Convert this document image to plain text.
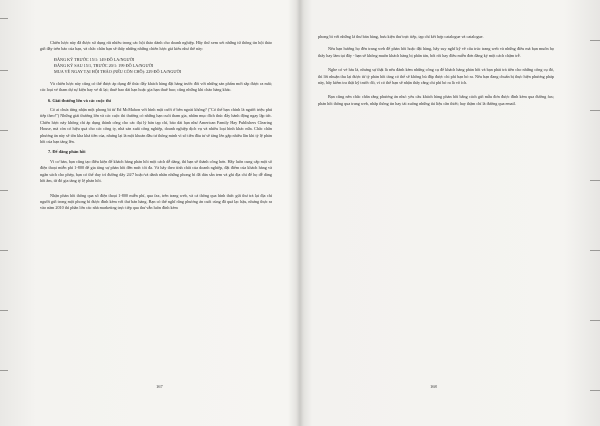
Chiến lược này đã được sử dụng rất nhiều trong các hội thảo dành cho doanh nghiệp. Hãy thử xem xét những từ thông tin hội thảo gửi đây trên báo của bạn, và chắc chắn bạn sẽ thấy những những chiến lược giá kiểu như thế này:

ĐĂNG KÝ TRƯỚC 15/1: 149 ĐÔ LA/NGƯỜI

ĐĂNG KÝ SAU 15/1, TRƯỚC 20/1: 199 ĐÔ LA/NGƯỜI

MUA VÉ NGAY TẠI HỘI THẢO (NẾU CÒN CHỖ): 229 ĐÔ LA/NGƯỜI

Và chiến lược này cũng có thể được áp dụng để thúc đẩy khách hàng đặt hàng trước đối với những sản phẩm mới sắp được ra mắt; các loại vé tham dự sự kiện hay vé di lại; thuê bao dài hạn hoặc gia hạn thuê bao; cũng những khi chào hàng khác.

6. Giải thưởng lớn và các cuộc thi

Có ai chưa từng nhận một phong bì từ Ed McMahon với hình mặt cười ở bên ngoài không? ("Có thể bạn chính là người triệu phú tiếp theo!") Những giải thưởng lớn và các cuộc thi thường có những hạn cuối tham gia, nhằm mục đích thúc đẩy hành động ngay lập tức. Chiến lược này không chỉ áp dụng thành công cho các đại lý bán tạp chí, báo dài hạn như American Family Hay Publishers Clearing House, mà còn có hiệu quả cho các công ty, nhà sản xuất công nghiệp, doanh nghiệp dịch vụ và nhiều loại hình khác nữa. Chắc chắn phương án này sẽ tốn kha khá tiền của, nhưng lại là một khoản đầu tư thông minh vì số tiền đầu tư sẽ tăng lên gấp nhiều lần khi tỷ lệ phản hồi của bạn tăng lên.

7. Để dâng phản hồi

Vì cơ bản, bạn cũng tạo điều kiện để khách hàng phản hồi một cách dễ dàng, thì bạn sẽ thành công hơn. Hãy luôn cung cấp một số điện thoại miễn phí 1-800 để gia tăng sự phản hồi đến mức tối đa. Và hãy theo tính chất của doanh nghiệp, đặt điểm của khách hàng và ngân sách cho phép, bạn có thể duy trì đường dây 24/7 hoặc/và dành nhân những phong bì đã dán sẵn tem và ghi địa chỉ để họ dễ dàng hồi âm, từ đó gia tăng tỷ lệ phản hồi.

Nhận phản hồi thông qua số điện thoại 1-800 miễn phí, qua fax, trên trang web, và cả thông qua hình thức gửi thư trả lại địa chỉ người gửi trong một phong bì được đính kèm với thư bán hàng. Bạn có thể nghĩ rằng phương án cuối cùng đã quá lạc hậu, nhưng thực ra vào năm 2010 thì phần lớn các nhà marketing trực tiếp qua thư vẫn luôn đính kèm

167

phong bì với những lá thư bán hàng, bưu kiện thư trực tiếp, tạp chí kết hợp catalogue và catalogue.

Nếu bạn hướng họ đến trang web để phản hồi hoặc đặt hàng, hãy suy nghĩ kỹ về cấu trúc trang web và những điều mà bạn muốn họ thấy hay làm tại đây - bạn sẽ không muốn khách hàng bị phân tán, bối rối hay điều miễn đơn đăng ký một cách chậm trễ.

Nghe có vẻ lưu là, nhưng sự thật là nếu đánh kèm những công cụ để khách hàng phản hồi và bạn phải trả tiền cho những công cụ đó, thì lời nhuận thu lại được từ tỷ phản hồi tăng có thể sẽ không bù đắp được chi phí bạn bỏ ra. Nếu bạn đang chuẩn bị thực hiện phương pháp này, hãy kiểm tra thật kỹ trước đó, vì có thể bạn sẽ nhận thấy rằng chi phí bỏ ra là vô ích.

Bạn cũng nên chắc chắn rằng phương án như: yêu cầu khách hàng phản hồi bằng cách gửi mẫu đơn được đính kèm qua đường fax; phản hồi thông qua trang web, nhấp thông tin hay tải xuống những tài liệu cần thiết; hay thậm chí là đường qua email.

168
